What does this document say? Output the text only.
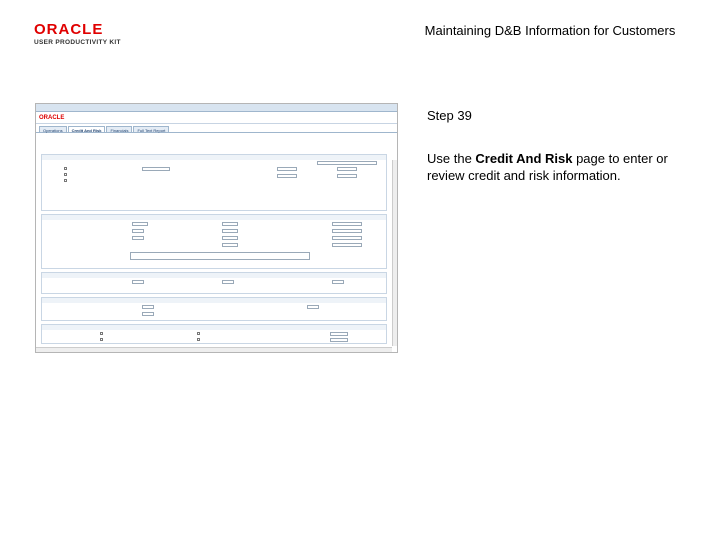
ORACLE
USER PRODUCTIVITY KIT
Maintaining D&B Information for Customers
Step 39
Use the Credit And Risk page to enter or review credit and risk information.
ORACLE
Operations	Credit And Risk	Financials	Full Text Report
